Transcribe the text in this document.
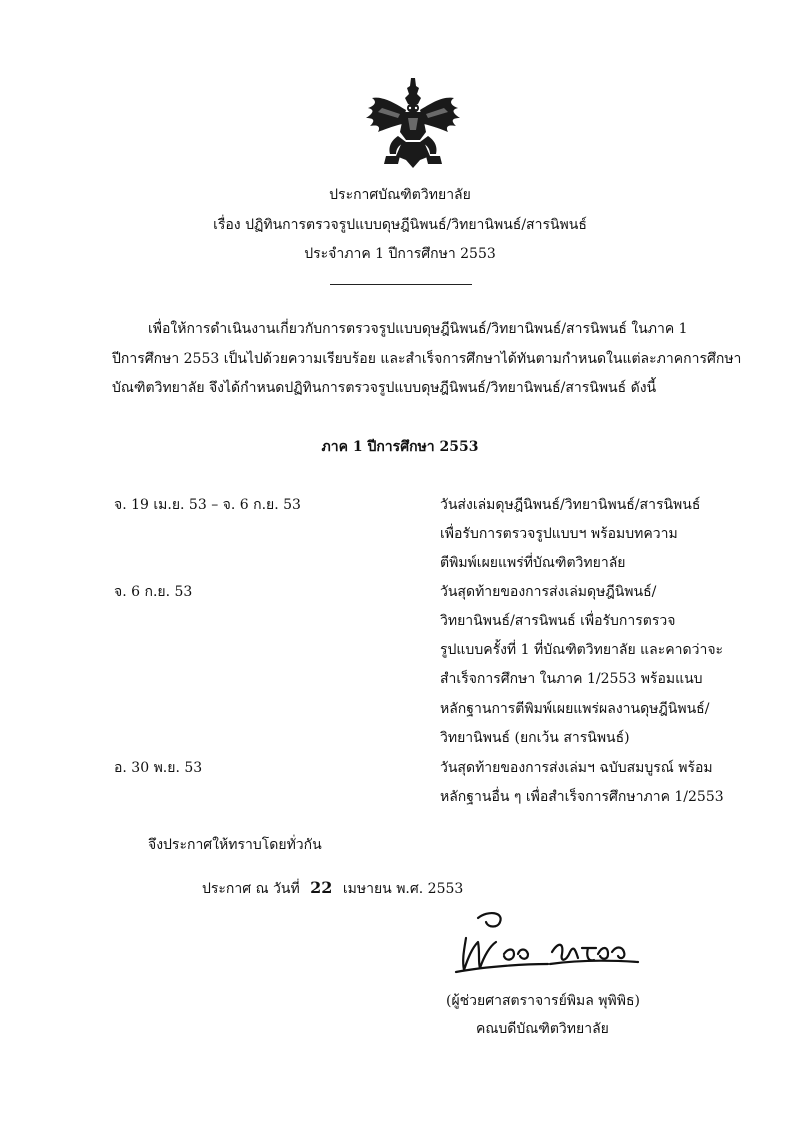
ประกาศบัณฑิตวิทยาลัย
เรื่อง ปฏิทินการตรวจรูปแบบดุษฎีนิพนธ์/วิทยานิพนธ์/สารนิพนธ์
ประจำภาค 1 ปีการศึกษา 2553
เพื่อให้การดำเนินงานเกี่ยวกับการตรวจรูปแบบดุษฎีนิพนธ์/วิทยานิพนธ์/สารนิพนธ์ ในภาค 1
ปีการศึกษา 2553 เป็นไปด้วยความเรียบร้อย และสำเร็จการศึกษาได้ทันตามกำหนดในแต่ละภาคการศึกษา
บัณฑิตวิทยาลัย จึงได้กำหนดปฏิทินการตรวจรูปแบบดุษฎีนิพนธ์/วิทยานิพนธ์/สารนิพนธ์ ดังนี้
ภาค 1 ปีการศึกษา 2553
จ. 19 เม.ย. 53 – จ. 6 ก.ย. 53	วันส่งเล่มดุษฎีนิพนธ์/วิทยานิพนธ์/สารนิพนธ์
เพื่อรับการตรวจรูปแบบฯ พร้อมบทความ
ตีพิมพ์เผยแพร่ที่บัณฑิตวิทยาลัย
จ. 6 ก.ย. 53	วันสุดท้ายของการส่งเล่มดุษฎีนิพนธ์/
วิทยานิพนธ์/สารนิพนธ์ เพื่อรับการตรวจ
รูปแบบครั้งที่ 1 ที่บัณฑิตวิทยาลัย และคาดว่าจะ
สำเร็จการศึกษา ในภาค 1/2553 พร้อมแนบ
หลักฐานการตีพิมพ์เผยแพร่ผลงานดุษฎีนิพนธ์/
วิทยานิพนธ์ (ยกเว้น สารนิพนธ์)
อ. 30 พ.ย. 53	วันสุดท้ายของการส่งเล่มฯ ฉบับสมบูรณ์ พร้อม
หลักฐานอื่น ๆ เพื่อสำเร็จการศึกษาภาค 1/2553
จึงประกาศให้ทราบโดยทั่วกัน
ประกาศ ณ วันที่ 22 เมษายน พ.ศ. 2553
(ผู้ช่วยศาสตราจารย์พิมล พุพิพิธ)
คณบดีบัณฑิตวิทยาลัย
